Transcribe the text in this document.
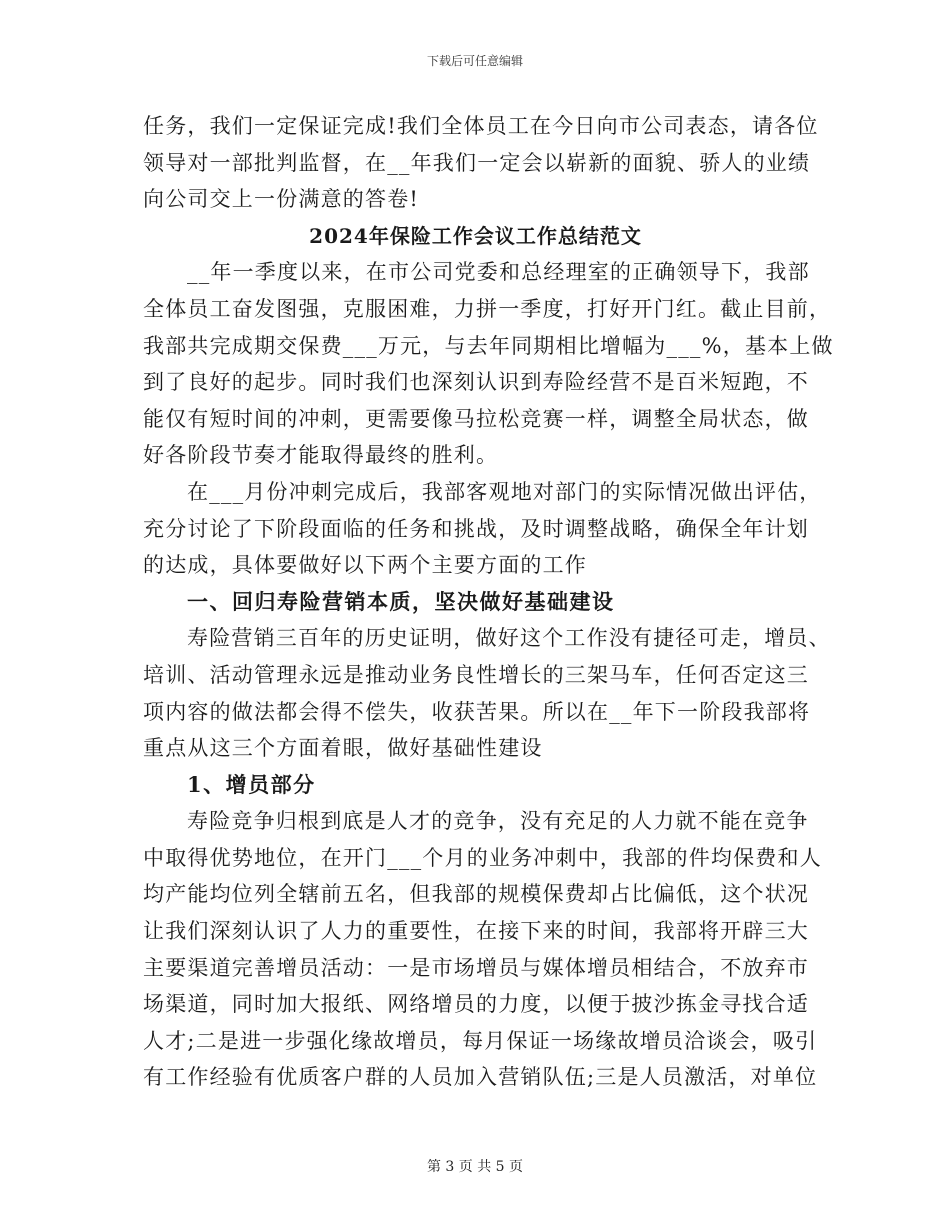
下载后可任意编辑
任务，我们一定保证完成!我们全体员工在今日向市公司表态，请各位
领导对一部批判监督，在__年我们一定会以崭新的面貌、骄人的业绩
向公司交上一份满意的答卷!
2024年保险工作会议工作总结范文
__年一季度以来，在市公司党委和总经理室的正确领导下，我部
全体员工奋发图强，克服困难，力拼一季度，打好开门红。截止目前，
我部共完成期交保费___万元，与去年同期相比增幅为___%，基本上做
到了良好的起步。同时我们也深刻认识到寿险经营不是百米短跑，不
能仅有短时间的冲刺，更需要像马拉松竞赛一样，调整全局状态，做
好各阶段节奏才能取得最终的胜利。
在___月份冲刺完成后，我部客观地对部门的实际情况做出评估，
充分讨论了下阶段面临的任务和挑战，及时调整战略，确保全年计划
的达成，具体要做好以下两个主要方面的工作
一、回归寿险营销本质，坚决做好基础建设
寿险营销三百年的历史证明，做好这个工作没有捷径可走，增员、
培训、活动管理永远是推动业务良性增长的三架马车，任何否定这三
项内容的做法都会得不偿失，收获苦果。所以在__年下一阶段我部将
重点从这三个方面着眼，做好基础性建设
1、增员部分
寿险竞争归根到底是人才的竞争，没有充足的人力就不能在竞争
中取得优势地位，在开门___个月的业务冲刺中，我部的件均保费和人
均产能均位列全辖前五名，但我部的规模保费却占比偏低，这个状况
让我们深刻认识了人力的重要性，在接下来的时间，我部将开辟三大
主要渠道完善增员活动：一是市场增员与媒体增员相结合，不放弃市
场渠道，同时加大报纸、网络增员的力度，以便于披沙拣金寻找合适
人才;二是进一步强化缘故增员，每月保证一场缘故增员洽谈会，吸引
有工作经验有优质客户群的人员加入营销队伍;三是人员激活，对单位
第 3 页 共 5 页
